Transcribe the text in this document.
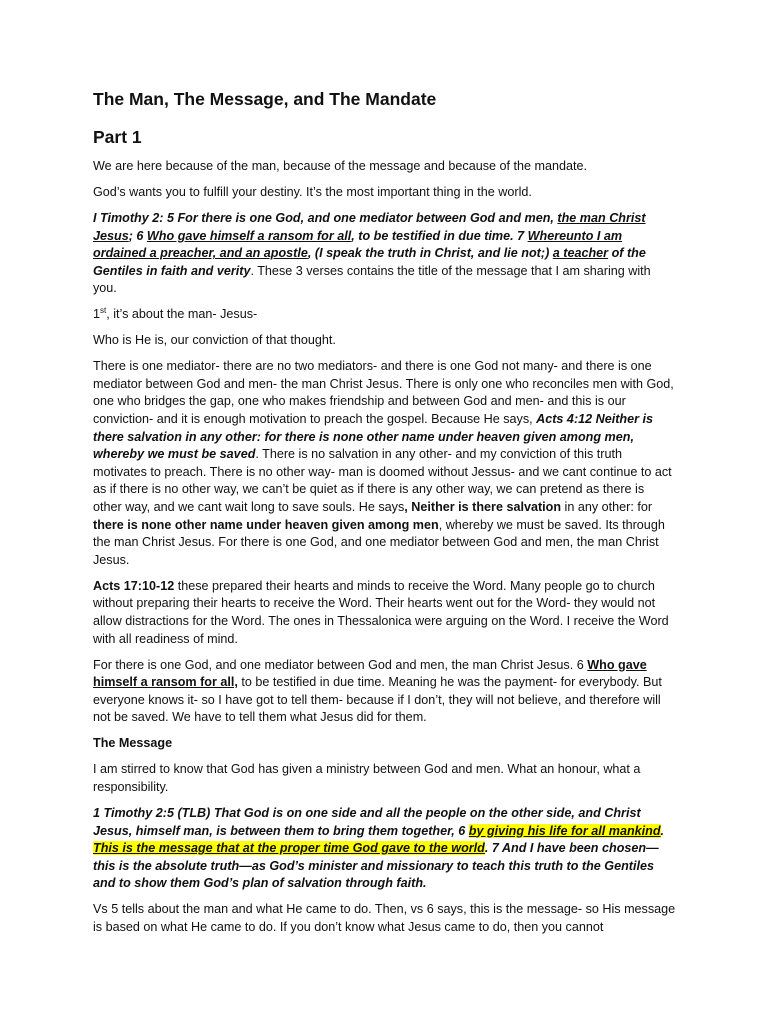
The Man, The Message, and The Mandate
Part 1

We are here because of the man, because of the message and because of the mandate.

God’s wants you to fulfill your destiny. It’s the most important thing in the world.

I Timothy 2: 5 For there is one God, and one mediator between God and men, the man Christ Jesus; 6 Who gave himself a ransom for all, to be testified in due time. 7 Whereunto I am ordained a preacher, and an apostle, (I speak the truth in Christ, and lie not;) a teacher of the Gentiles in faith and verity. These 3 verses contains the title of the message that I am sharing with you.

1st, it’s about the man- Jesus-

Who is He is, our conviction of that thought.

There is one mediator- there are no two mediators- and there is one God not many- and there is one mediator between God and men- the man Christ Jesus. There is only one who reconciles men with God, one who bridges the gap, one who makes friendship and between God and men- and this is our conviction- and it is enough motivation to preach the gospel. Because He says, Acts 4:12 Neither is there salvation in any other: for there is none other name under heaven given among men, whereby we must be saved. There is no salvation in any other- and my conviction of this truth motivates to preach. There is no other way- man is doomed without Jessus- and we cant continue to act as if there is no other way, we can’t be quiet as if there is any other way, we can pretend as there is other way, and we cant wait long to save souls. He says, Neither is there salvation in any other: for there is none other name under heaven given among men, whereby we must be saved. Its through the man Christ Jesus. For there is one God, and one mediator between God and men, the man Christ Jesus.

Acts 17:10-12 these prepared their hearts and minds to receive the Word. Many people go to church without preparing their hearts to receive the Word. Their hearts went out for the Word- they would not allow distractions for the Word. The ones in Thessalonica were arguing on the Word. I receive the Word with all readiness of mind.

For there is one God, and one mediator between God and men, the man Christ Jesus. 6 Who gave himself a ransom for all, to be testified in due time. Meaning he was the payment- for everybody. But everyone knows it- so I have got to tell them- because if I don’t, they will not believe, and therefore will not be saved. We have to tell them what Jesus did for them.

The Message

I am stirred to know that God has given a ministry between God and men. What an honour, what a responsibility.

1 Timothy 2:5 (TLB) That God is on one side and all the people on the other side, and Christ Jesus, himself man, is between them to bring them together, 6 by giving his life for all mankind. This is the message that at the proper time God gave to the world. 7 And I have been chosen—this is the absolute truth—as God’s minister and missionary to teach this truth to the Gentiles and to show them God’s plan of salvation through faith.

Vs 5 tells about the man and what He came to do. Then, vs 6 says, this is the message- so His message is based on what He came to do. If you don’t know what Jesus came to do, then you cannot
